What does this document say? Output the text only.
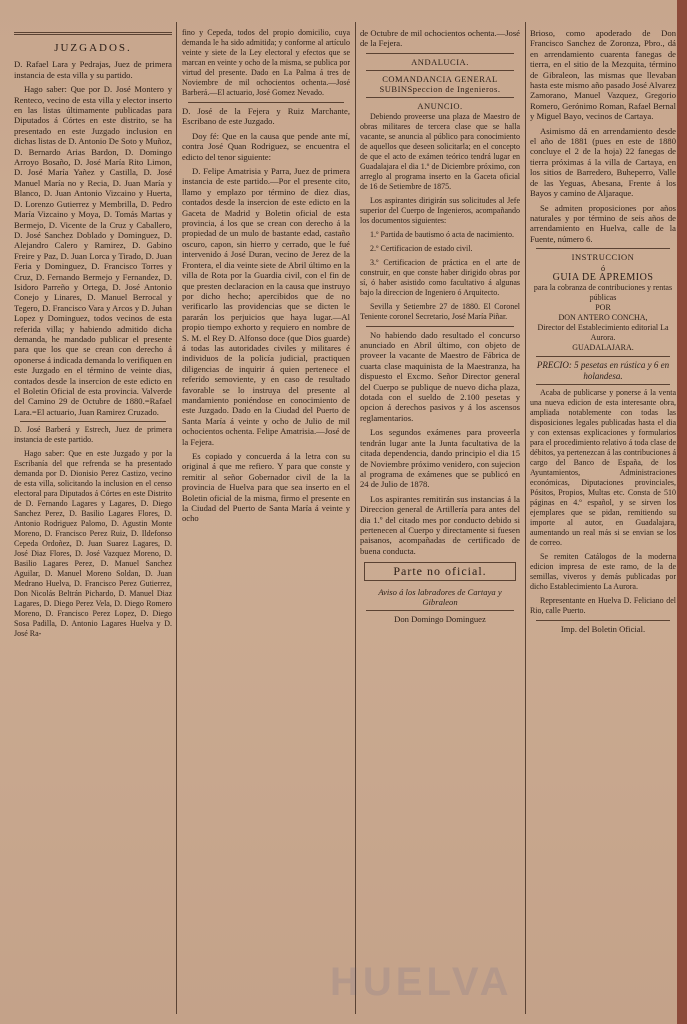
JUZGADOS.

D. Rafael Lara y Pedrajas, Juez de primera instancia de esta villa y su partido.

Hago saber: Que por D. José Montero y Renteco, vecino de esta villa y elector inserto en las listas últimamente publicadas para Diputados á Córtes en este distrito, se ha presentado en este Juzgado inclusion en dichas listas de D. Antonio De Soto y Muñoz, D. Bernardo Arias Bardon, D. Domingo Arroyo Bosaño, D. José María Rito Limon, D. José María Yañez y Castilla, D. José Manuel María no y Recia, D. Juan María y Blanco, D. Juan Antonio Vizcaino y Huerta, D. Lorenzo Gutierrez y Membrilla, D. Pedro María Vizcaino y Moya, D. Tomás Martas y Bermejo, D. Vicente de la Cruz y Caballero, D. José Sanchez Doblado y Dominguez, D. Alejandro Calero y Ramirez, D. Gabino Freire y Paz, D. Juan Lorca y Tirado, D. Juan Feria y Dominguez, D. Francisco Torres y Cruz, D. Fernando Bermejo y Fernandez, D. Isidoro Parreño y Ortega, D. José Antonio Conejo y Linares, D. Manuel Berrocal y Tegero, D. Francisco Vara y Arcos y D. Juhan Lopez y Dominguez, todos vecinos de esta referida villa; y habiendo admitido dicha demanda, he mandado publicar el presente para que los que se crean con derecho á oponerse á indicada demanda lo verifiquen en este Juzgado en el término de veinte dias, contados desde la insercion de este edicto en el Boletin Oficial de esta provincia. Valverde del Camino 29 de Octubre de 1880.=Rafael Lara.=El actuario, Juan Ramirez Cruzado.

D. José Barberá y Estrech, Juez de primera instancia de este partido.

Hago saber: Que en este Juzgado y por la Escribanía del que refrenda se ha presentado demanda por D. Dionisio Perez Castizo, vecino de esta villa, solicitando la inclusion en el censo electoral para Diputados á Córtes en este Distrito de D. Fernando Lagares y Lagares, D. Diego Sanchez Perez, D. Basilio Lagares Flores, D. Antonio Rodriguez Palomo, D. Agustin Monte Moreno, D. Francisco Perez Ruiz, D. Ildefonso Cepeda Ordoñez, D. Juan Suarez Lagares, D. José Diaz Flores, D. José Vazquez Moreno, D. Basilio Lagares Perez, D. Manuel Sanchez Aguilar, D. Manuel Moreno Soldan, D. Juan Medrano Huelva, D. Francisco Perez Gutierrez, Don Nicolás Beltrán Pichardo, D. Manuel Diaz Lagares, D. Diego Perez Vela, D. Diego Romero Moreno, D. Francisco Perez Lopez, D. Diego Sosa Padilla, D. Antonio Lagares Huelva y D. José Ra-

fino y Cepeda, todos del propio domicilio, cuya demanda le ha sido admitida; y conforme al artículo veinte y siete de la Ley electoral y efectos que se marcan en veinte y ocho de la misma, se publica por virtud del presente. Dado en La Palma á tres de Noviembre de mil ochocientos ochenta.—José Barberá.—El actuario, José Gomez Nevado.

D. José de la Fejera y Ruiz Marchante, Escribano de este Juzgado.

Doy fé: Que en la causa que pende ante mí, contra José Quan Rodriguez, se encuentra el edicto del tenor siguiente:

D. Felipe Amatrisia y Parra, Juez de primera instancia de este partido.—Por el presente cito, llamo y emplazo por término de diez dias, contados desde la insercion de este edicto en la Gaceta de Madrid y Boletin oficial de esta provincia, á los que se crean con derecho á la propiedad de un mulo de bastante edad, castaño oscuro, capon, sin hierro y cerrado, que le fué intervenido á José Duran, vecino de Jerez de la Frontera, el dia veinte siete de Abril último en la villa de Rota por la Guardia civil, con el fin de que presten declaracion en la causa que instruyo por dicho hecho; apercibidos que de no verificarlo las providencias que se dicten le pararán los perjuicios que haya lugar.—Al propio tiempo exhorto y requiero en nombre de S. M. el Rey D. Alfonso doce (que Dios guarde) á todas las autoridades civiles y militares é individuos de la policía judicial, practiquen diligencias de inquirir á quien pertenece el referido semoviente, y en caso de resultado favorable se lo instruya del presente al mandamiento poniéndose en conocimiento de este Juzgado. Dado en la Ciudad del Puerto de Santa María á veinte y ocho de Julio de mil ochocientos ochenta. Felipe Amatrisia.—José de la Fejera.

Es copiado y concuerda á la letra con su original á que me refiero. Y para que conste y remitir al señor Gobernador civil de la la provincia de Huelva para que sea inserto en el Boletin oficial de la misma, firmo el presente en la Ciudad del Puerto de Santa María á veinte y ocho

de Octubre de mil ochocientos ochenta.—José de la Fejera.

ANDALUCIA.
COMANDANCIA GENERAL SUBINSpeccion de Ingenieros.
ANUNCIO.

Debiendo proveerse una plaza de Maestro de obras militares de tercera clase que se halla vacante, se anuncia al público para conocimiento de aquellos que deseen solicitarla; en el concepto de que el acto de exámen teórico tendrá lugar en Guadalajara el dia 1.º de Diciembre próximo, con arreglo al programa inserto en la Gaceta oficial de 16 de Setiembre de 1875.

Los aspirantes dirigirán sus solicitudes al Jefe superior del Cuerpo de Ingenieros, acompañando los documentos siguientes:

1.º Partida de bautismo ó acta de nacimiento.

2.º Certificacion de estado civil.

3.º Certificacion de práctica en el arte de construir, en que conste haber dirigido obras por sí, ó haber asistido como facultativo á algunas bajo la direccion de Ingeniero ó Arquitecto.

Sevilla y Setiembre 27 de 1880. El Coronel Teniente coronel Secretario, José María Piñar.

No habiendo dado resultado el concurso anunciado en Abril último, con objeto de proveer la vacante de Maestro de Fábrica de cuarta clase maquinista de la Maestranza, ha dispuesto el Excmo. Señor Director general del Cuerpo se publique de nuevo dicha plaza, dotada con el sueldo de 2.100 pesetas y opcion á derechos pasivos y á los ascensos reglamentarios.

Los segundos exámenes para proveerla tendrán lugar ante la Junta facultativa de la citada dependencia, dando principio el dia 15 de Noviembre próximo venidero, con sujecion al programa de exámenes que se publicó en 24 de Julio de 1878.

Los aspirantes remitirán sus instancias á la Direccion general de Artillería para antes del dia 1.º del citado mes por conducto debido si pertenecen al Cuerpo y directamente si fuesen paisanos, acompañadas de certificado de buena conducta.

Parte no oficial.
Aviso á los labradores de Cartaya y Gibraleon
Don Domingo Dominguez

Brioso, como apoderado de Don Francisco Sanchez de Zoronza, Pbro., dá en arrendamiento cuarenta fanegas de tierra, en el sitio de la Mezquita, término de Gibraleon, las mismas que llevaban hasta este mismo año pasado José Alvarez Zamorano, Manuel Vazquez, Gregorio Romero, Gerónimo Roman, Rafael Bernal y Miguel Bayo, vecinos de Cartaya.

Asimismo dá en arrendamiento desde el año de 1881 (pues en este de 1880 concluye el 2 de la hoja) 22 fanegas de tierra próximas á la villa de Cartaya, en los sitios de Barredero, Buheperro, Valle de las Yeguas, Abesana, Frente á los Bayos y camino de Aljaraque.

Se admiten proposiciones por años naturales y por término de seis años de arrendamiento en Huelva, calle de la Fuente, número 6.

INSTRUCCION
ó
GUIA DE APREMIOS
para la cobranza de contribuciones y rentas públicas
POR
DON ANTERO CONCHA,
Director del Establecimiento editorial La Aurora.
GUADALAJARA.
PRECIO: 5 pesetas en rústica y 6 en holandesa.

Acaba de publicarse y ponerse á la venta una nueva edicion de esta interesante obra, ampliada notablemente con todas las disposiciones legales publicadas hasta el dia y con extensas explicaciones y formularios para el procedimiento relativo á toda clase de débitos, ya pertenezcan á las contribuciones á cargo del Banco de España, de los Ayuntamientos, Administraciones económicas, Diputaciones provinciales, Pósitos, Propios, Multas etc. Consta de 510 páginas en 4.º español, y se sirven los ejemplares que se pidan, remitiendo su importe al autor, en Guadalajara, aumentando un real más si se envian se los de correo.

Se remiten Catálogos de la moderna edicion impresa de este ramo, de la de semillas, viveros y demás publicadas por dicho Establecimiento La Aurora.

Representante en Huelva D. Feliciano del Rio, calle Puerto.

Imp. del Boletin Oficial.
HUELVA
